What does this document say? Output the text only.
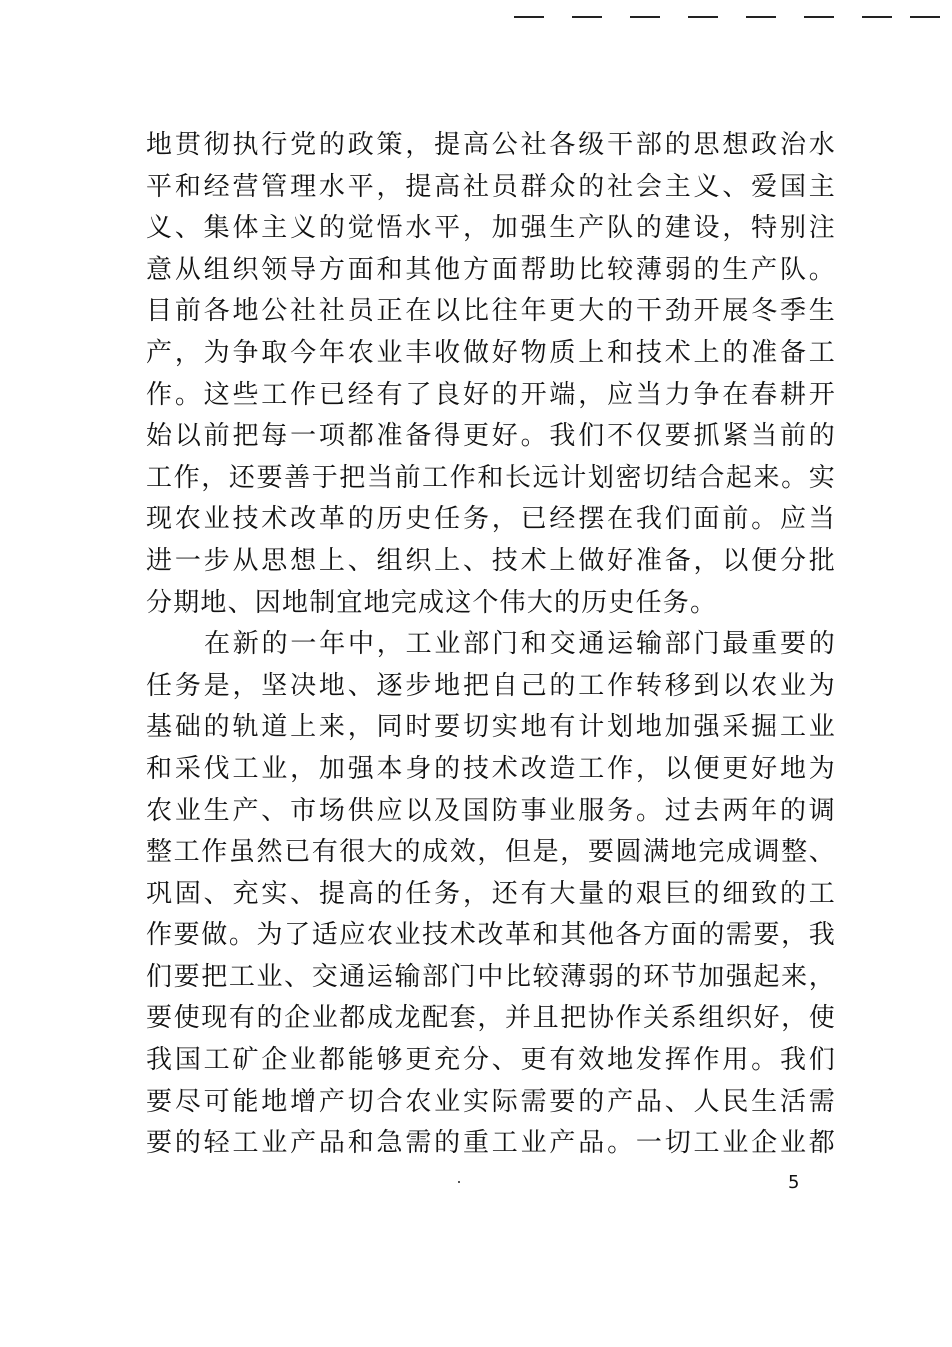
地贯彻执行党的政策，提高公社各级干部的思想政治水
平和经营管理水平，提高社员群众的社会主义、爱国主
义、集体主义的觉悟水平，加强生产队的建设，特别注
意从组织领导方面和其他方面帮助比较薄弱的生产队。
目前各地公社社员正在以比往年更大的干劲开展冬季生
产，为争取今年农业丰收做好物质上和技术上的准备工
作。这些工作已经有了良好的开端，应当力争在春耕开
始以前把每一项都准备得更好。我们不仅要抓紧当前的
工作，还要善于把当前工作和长远计划密切结合起来。实
现农业技术改革的历史任务，已经摆在我们面前。应当
进一步从思想上、组织上、技术上做好准备，以便分批
分期地、因地制宜地完成这个伟大的历史任务。
在新的一年中，工业部门和交通运输部门最重要的
任务是，坚决地、逐步地把自己的工作转移到以农业为
基础的轨道上来，同时要切实地有计划地加强采掘工业
和采伐工业，加强本身的技术改造工作，以便更好地为
农业生产、市场供应以及国防事业服务。过去两年的调
整工作虽然已有很大的成效，但是，要圆满地完成调整、
巩固、充实、提高的任务，还有大量的艰巨的细致的工
作要做。为了适应农业技术改革和其他各方面的需要，我
们要把工业、交通运输部门中比较薄弱的环节加强起来，
要使现有的企业都成龙配套，并且把协作关系组织好，使
我国工矿企业都能够更充分、更有效地发挥作用。我们
要尽可能地增产切合农业实际需要的产品、人民生活需
要的轻工业产品和急需的重工业产品。一切工业企业都
5
